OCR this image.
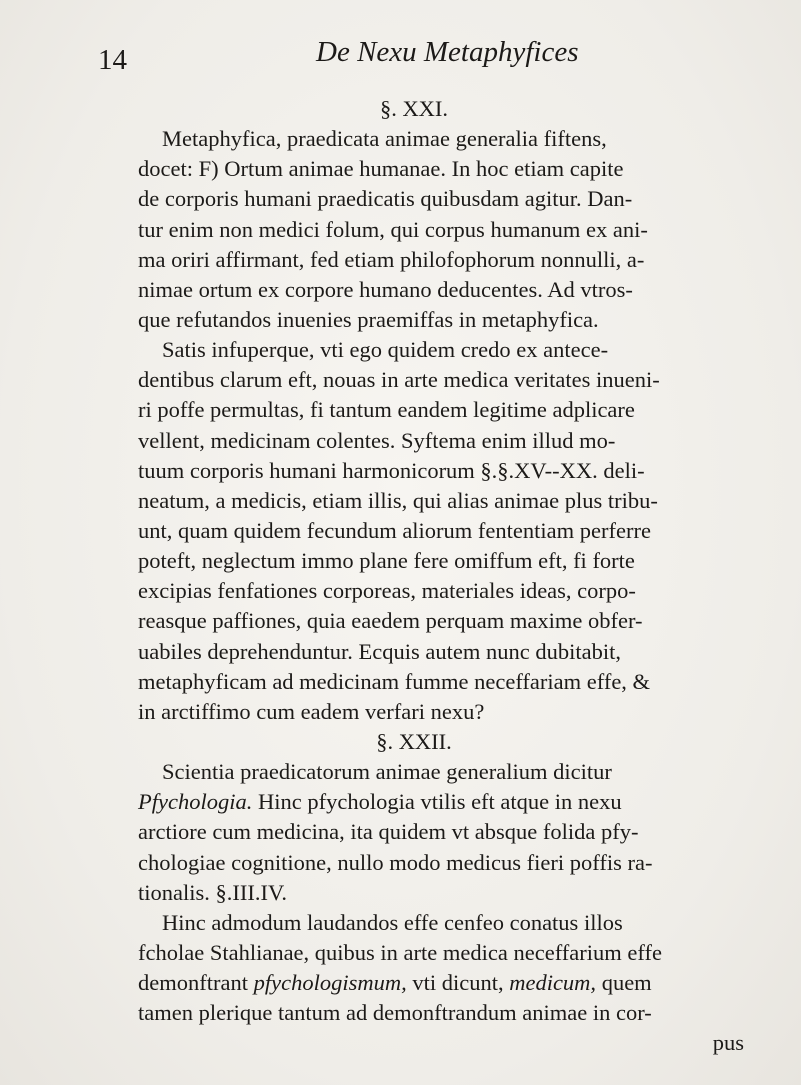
14	De Nexu Metaphyfices
§. XXI.
Metaphyfica, praedicata animae generalia fiftens,
docet: F) Ortum animae humanae. In hoc etiam capite
de corporis humani praedicatis quibusdam agitur. Dan-
tur enim non medici folum, qui corpus humanum ex ani-
ma oriri affirmant, fed etiam philofophorum nonnulli, a-
nimae ortum ex corpore humano deducentes. Ad vtros-
que refutandos inuenies praemiffas in metaphyfica.
Satis infuperque, vti ego quidem credo ex antece-
dentibus clarum eft, nouas in arte medica veritates inueni-
ri poffe permultas, fi tantum eandem legitime adplicare
vellent, medicinam colentes. Syftema enim illud mo-
tuum corporis humani harmonicorum §.§.XV--XX. deli-
neatum, a medicis, etiam illis, qui alias animae plus tribu-
unt, quam quidem fecundum aliorum fententiam perferre
poteft, neglectum immo plane fere omiffum eft, fi forte
excipias fenfationes corporeas, materiales ideas, corpo-
reasque paffiones, quia eaedem perquam maxime obfer-
uabiles deprehenduntur. Ecquis autem nunc dubitabit,
metaphyficam ad medicinam fumme neceffariam effe, &
in arctiffimo cum eadem verfari nexu?
§. XXII.
Scientia praedicatorum animae generalium dicitur
Pfychologia. Hinc pfychologia vtilis eft atque in nexu
arctiore cum medicina, ita quidem vt absque folida pfy-
chologiae cognitione, nullo modo medicus fieri poffis ra-
tionalis. §.III.IV.
Hinc admodum laudandos effe cenfeo conatus illos
fcholae Stahlianae, quibus in arte medica neceffarium effe
demonftrant pfychologismum, vti dicunt, medicum, quem
tamen plerique tantum ad demonftrandum animae in cor-
pus
